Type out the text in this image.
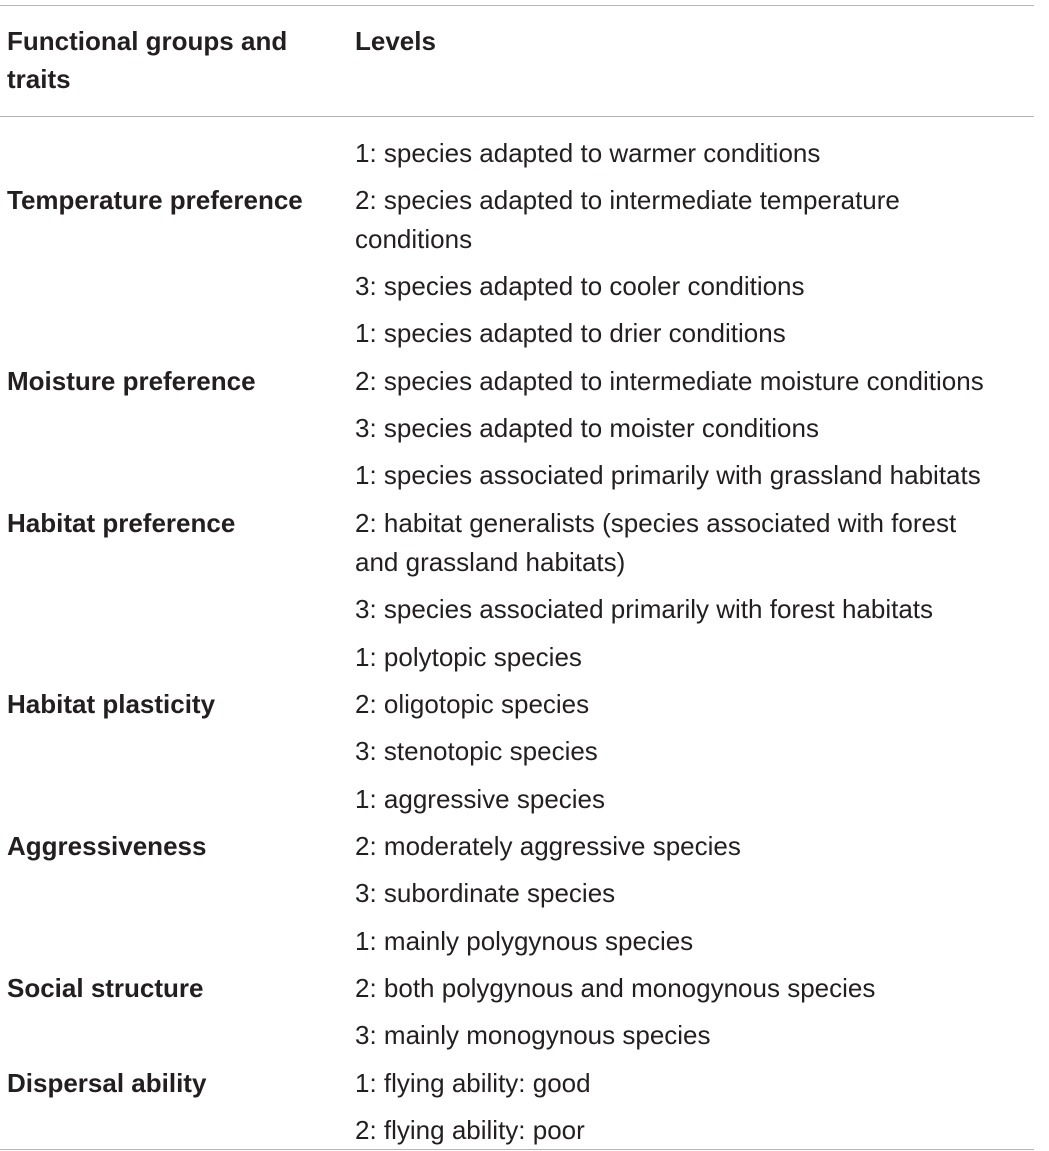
Functional groups and traits
Levels
Temperature preference
1: species adapted to warmer conditions
2: species adapted to intermediate temperature
conditions
3: species adapted to cooler conditions
Moisture preference
1: species adapted to drier conditions
2: species adapted to intermediate moisture conditions
3: species adapted to moister conditions
Habitat preference
1: species associated primarily with grassland habitats
2: habitat generalists (species associated with forest
and grassland habitats)
3: species associated primarily with forest habitats
Habitat plasticity
1: polytopic species
2: oligotopic species
3: stenotopic species
Aggressiveness
1: aggressive species
2: moderately aggressive species
3: subordinate species
Social structure
1: mainly polygynous species
2: both polygynous and monogynous species
3: mainly monogynous species
Dispersal ability	1: flying ability: good
2: flying ability: poor
